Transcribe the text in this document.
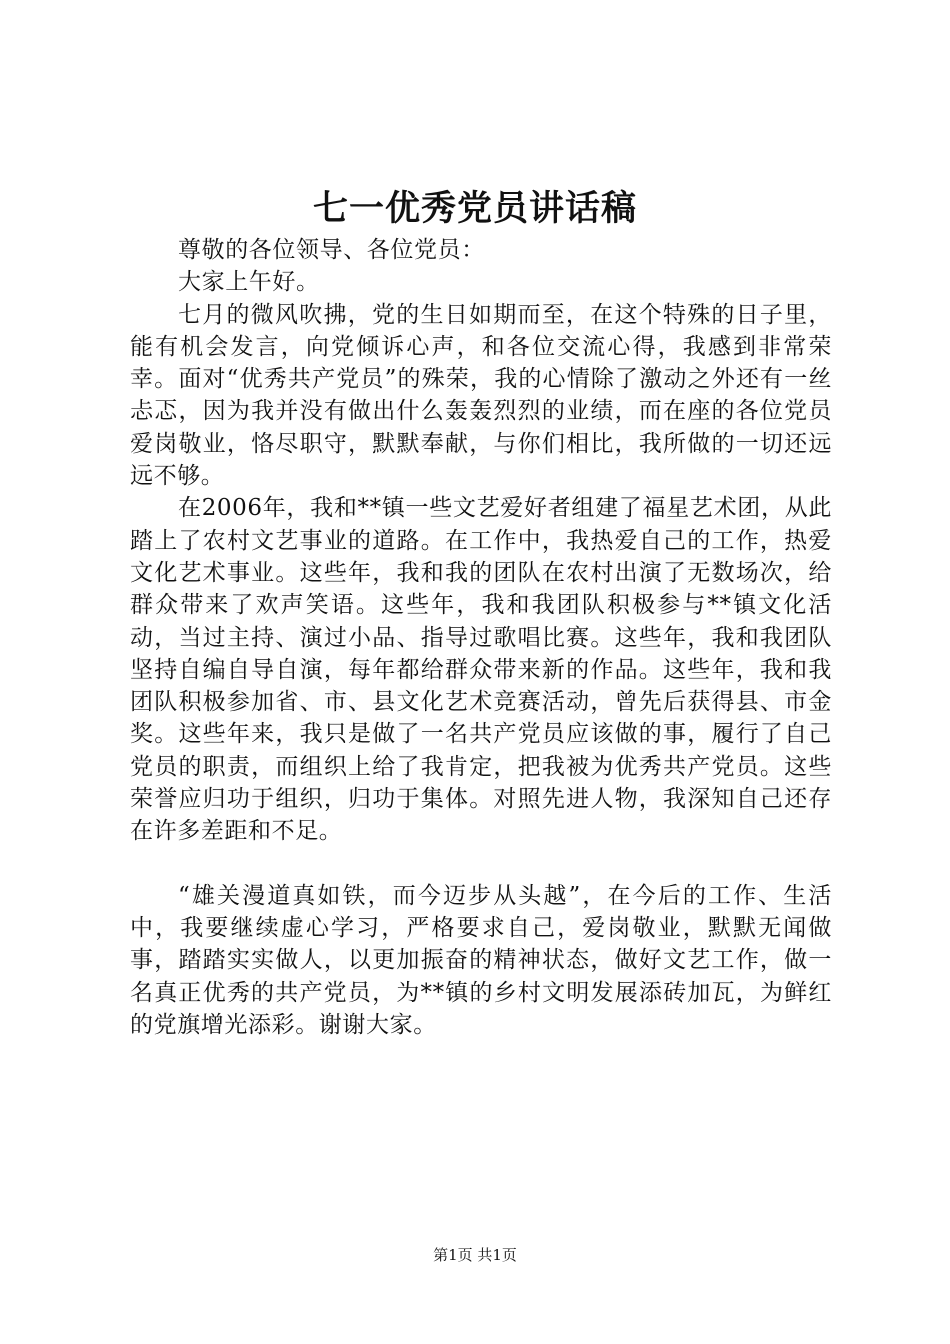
七一优秀党员讲话稿

尊敬的各位领导、各位党员：

大家上午好。

七月的微风吹拂，党的生日如期而至，在这个特殊的日子里，能有机会发言，向党倾诉心声，和各位交流心得，我感到非常荣幸。面对“优秀共产党员”的殊荣，我的心情除了激动之外还有一丝忐忑，因为我并没有做出什么轰轰烈烈的业绩，而在座的各位党员爱岗敬业，恪尽职守，默默奉献，与你们相比，我所做的一切还远远不够。

在2006年，我和**镇一些文艺爱好者组建了福星艺术团，从此踏上了农村文艺事业的道路。在工作中，我热爱自己的工作，热爱文化艺术事业。这些年，我和我的团队在农村出演了无数场次，给群众带来了欢声笑语。这些年，我和我团队积极参与**镇文化活动，当过主持、演过小品、指导过歌唱比赛。这些年，我和我团队坚持自编自导自演，每年都给群众带来新的作品。这些年，我和我团队积极参加省、市、县文化艺术竞赛活动，曾先后获得县、市金奖。这些年来，我只是做了一名共产党员应该做的事，履行了自己党员的职责，而组织上给了我肯定，把我被为优秀共产党员。这些荣誉应归功于组织，归功于集体。对照先进人物，我深知自己还存在许多差距和不足。

“雄关漫道真如铁，而今迈步从头越”，在今后的工作、生活中，我要继续虚心学习，严格要求自己，爱岗敬业，默默无闻做事，踏踏实实做人，以更加振奋的精神状态，做好文艺工作，做一名真正优秀的共产党员，为**镇的乡村文明发展添砖加瓦，为鲜红的党旗增光添彩。谢谢大家。

第1页 共1页
